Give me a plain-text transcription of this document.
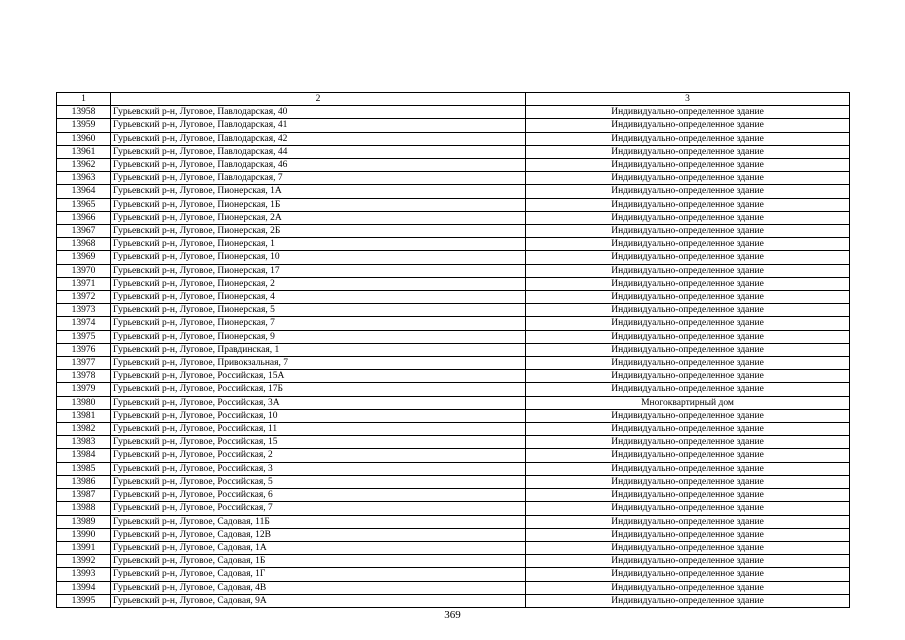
1	2	3
13958	Гурьевский р-н, Луговое, Павлодарская, 40	Индивидуально-определенное здание
13959	Гурьевский р-н, Луговое, Павлодарская, 41	Индивидуально-определенное здание
13960	Гурьевский р-н, Луговое, Павлодарская, 42	Индивидуально-определенное здание
13961	Гурьевский р-н, Луговое, Павлодарская, 44	Индивидуально-определенное здание
13962	Гурьевский р-н, Луговое, Павлодарская, 46	Индивидуально-определенное здание
13963	Гурьевский р-н, Луговое, Павлодарская, 7	Индивидуально-определенное здание
13964	Гурьевский р-н, Луговое, Пионерская, 1А	Индивидуально-определенное здание
13965	Гурьевский р-н, Луговое, Пионерская, 1Б	Индивидуально-определенное здание
13966	Гурьевский р-н, Луговое, Пионерская, 2А	Индивидуально-определенное здание
13967	Гурьевский р-н, Луговое, Пионерская, 2Б	Индивидуально-определенное здание
13968	Гурьевский р-н, Луговое, Пионерская, 1	Индивидуально-определенное здание
13969	Гурьевский р-н, Луговое, Пионерская, 10	Индивидуально-определенное здание
13970	Гурьевский р-н, Луговое, Пионерская, 17	Индивидуально-определенное здание
13971	Гурьевский р-н, Луговое, Пионерская, 2	Индивидуально-определенное здание
13972	Гурьевский р-н, Луговое, Пионерская, 4	Индивидуально-определенное здание
13973	Гурьевский р-н, Луговое, Пионерская, 5	Индивидуально-определенное здание
13974	Гурьевский р-н, Луговое, Пионерская, 7	Индивидуально-определенное здание
13975	Гурьевский р-н, Луговое, Пионерская, 9	Индивидуально-определенное здание
13976	Гурьевский р-н, Луговое, Правдинская, 1	Индивидуально-определенное здание
13977	Гурьевский р-н, Луговое, Привокзальная, 7	Индивидуально-определенное здание
13978	Гурьевский р-н, Луговое, Российская, 15А	Индивидуально-определенное здание
13979	Гурьевский р-н, Луговое, Российская, 17Б	Индивидуально-определенное здание
13980	Гурьевский р-н, Луговое, Российская, 3А	Многоквартирный дом
13981	Гурьевский р-н, Луговое, Российская, 10	Индивидуально-определенное здание
13982	Гурьевский р-н, Луговое, Российская, 11	Индивидуально-определенное здание
13983	Гурьевский р-н, Луговое, Российская, 15	Индивидуально-определенное здание
13984	Гурьевский р-н, Луговое, Российская, 2	Индивидуально-определенное здание
13985	Гурьевский р-н, Луговое, Российская, 3	Индивидуально-определенное здание
13986	Гурьевский р-н, Луговое, Российская, 5	Индивидуально-определенное здание
13987	Гурьевский р-н, Луговое, Российская, 6	Индивидуально-определенное здание
13988	Гурьевский р-н, Луговое, Российская, 7	Индивидуально-определенное здание
13989	Гурьевский р-н, Луговое, Садовая, 11Б	Индивидуально-определенное здание
13990	Гурьевский р-н, Луговое, Садовая, 12В	Индивидуально-определенное здание
13991	Гурьевский р-н, Луговое, Садовая, 1А	Индивидуально-определенное здание
13992	Гурьевский р-н, Луговое, Садовая, 1Б	Индивидуально-определенное здание
13993	Гурьевский р-н, Луговое, Садовая, 1Г	Индивидуально-определенное здание
13994	Гурьевский р-н, Луговое, Садовая, 4В	Индивидуально-определенное здание
13995	Гурьевский р-н, Луговое, Садовая, 9А	Индивидуально-определенное здание
369
